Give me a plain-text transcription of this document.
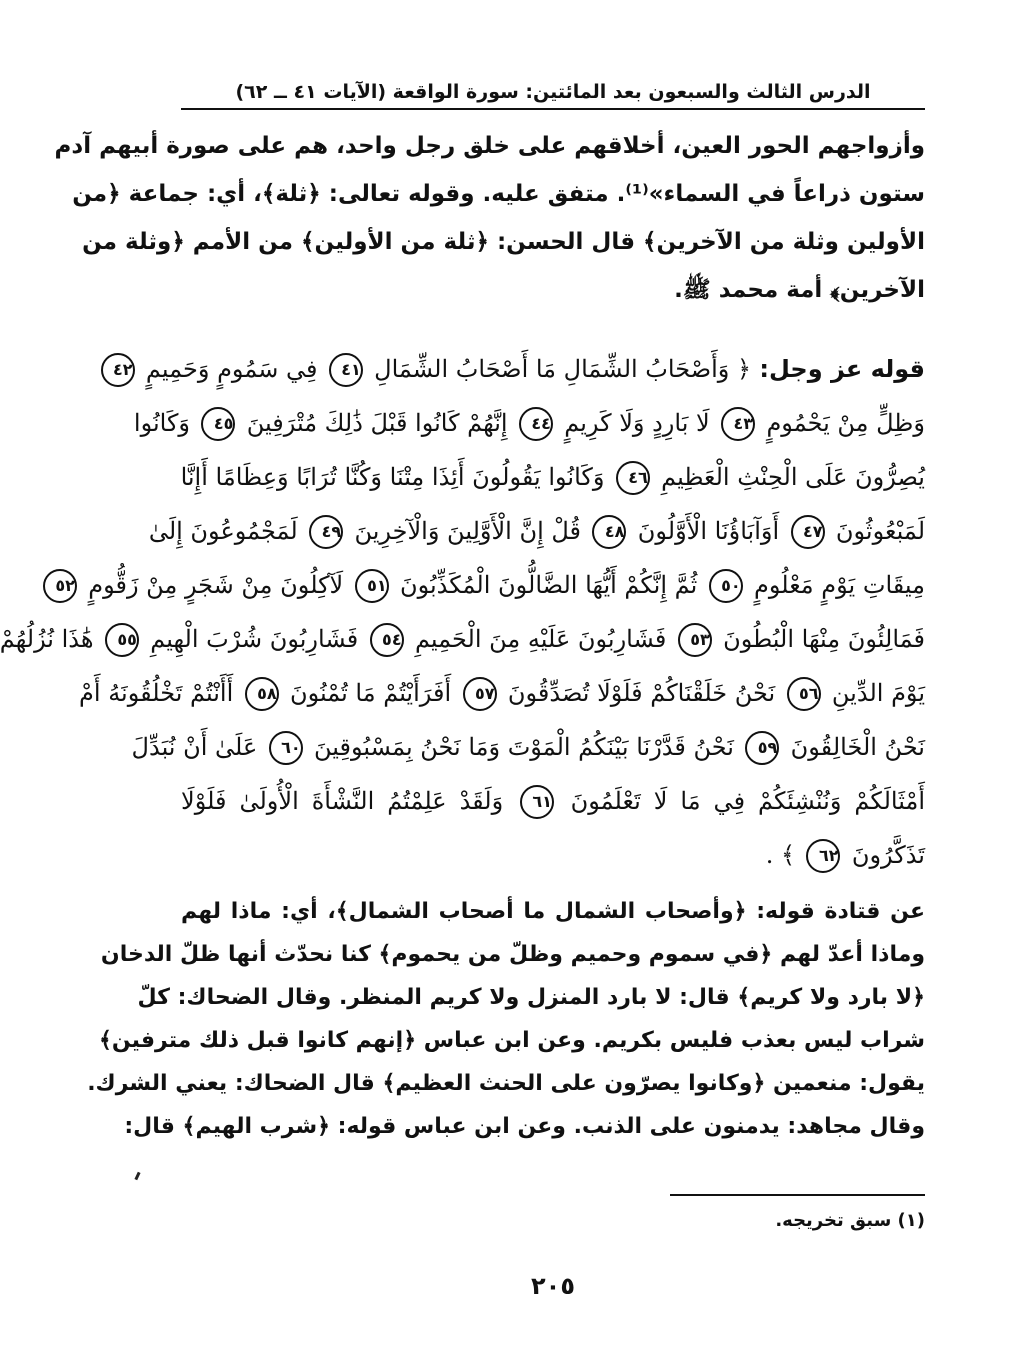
الدرس الثالث والسبعون بعد المائتين: سورة الواقعة (الآيات ٤١ ــ ٦٢)
وأزواجهم الحور العين، أخلاقهم على خلق رجل واحد، هم على صورة أبيهم آدم
ستون ذراعاً في السماء»⁽¹⁾. متفق عليه. وقوله تعالى: ﴿ثلة﴾، أي: جماعة ﴿من
الأولين وثلة من الآخرين﴾ قال الحسن: ﴿ثلة من الأولين﴾ من الأمم ﴿وثلة من
الآخرين﴾ أمة محمد ﷺ.
قوله عز وجل: ﴿ وَأَصْحَابُ الشِّمَالِ مَا أَصْحَابُ الشِّمَالِ ٤١ فِي سَمُومٍ وَحَمِيمٍ ٤٢
وَظِلٍّ مِنْ يَحْمُومٍ ٤٣ لَا بَارِدٍ وَلَا كَرِيمٍ ٤٤ إِنَّهُمْ كَانُوا قَبْلَ ذَٰلِكَ مُتْرَفِينَ ٤٥ وَكَانُوا
يُصِرُّونَ عَلَى الْحِنْثِ الْعَظِيمِ ٤٦ وَكَانُوا يَقُولُونَ أَئِذَا مِتْنَا وَكُنَّا تُرَابًا وَعِظَامًا أَإِنَّا
لَمَبْعُوثُونَ ٤٧ أَوَآبَاؤُنَا الْأَوَّلُونَ ٤٨ قُلْ إِنَّ الْأَوَّلِينَ وَالْآخِرِينَ ٤٩ لَمَجْمُوعُونَ إِلَىٰ
مِيقَاتِ يَوْمٍ مَعْلُومٍ ٥٠ ثُمَّ إِنَّكُمْ أَيُّهَا الضَّالُّونَ الْمُكَذِّبُونَ ٥١ لَآكِلُونَ مِنْ شَجَرٍ مِنْ زَقُّومٍ ٥٢
فَمَالِئُونَ مِنْهَا الْبُطُونَ ٥٣ فَشَارِبُونَ عَلَيْهِ مِنَ الْحَمِيمِ ٥٤ فَشَارِبُونَ شُرْبَ الْهِيمِ ٥٥ هَٰذَا نُزُلُهُمْ
يَوْمَ الدِّينِ ٥٦ نَحْنُ خَلَقْنَاكُمْ فَلَوْلَا تُصَدِّقُونَ ٥٧ أَفَرَأَيْتُمْ مَا تُمْنُونَ ٥٨ أَأَنْتُمْ تَخْلُقُونَهُ أَمْ
نَحْنُ الْخَالِقُونَ ٥٩ نَحْنُ قَدَّرْنَا بَيْنَكُمُ الْمَوْتَ وَمَا نَحْنُ بِمَسْبُوقِينَ ٦٠ عَلَىٰ أَنْ نُبَدِّلَ
أَمْثَالَكُمْ وَنُنْشِئَكُمْ فِي مَا لَا تَعْلَمُونَ ٦١ وَلَقَدْ عَلِمْتُمُ النَّشْأَةَ الْأُولَىٰ فَلَوْلَا
تَذَكَّرُونَ ٦٢ ﴾ .
عن قتادة قوله: ﴿وأصحاب الشمال ما أصحاب الشمال﴾، أي: ماذا لهم
وماذا أعدّ لهم ﴿في سموم وحميم وظلّ من يحموم﴾ كنا نحدّث أنها ظلّ الدخان
﴿لا بارد ولا كريم﴾ قال: لا بارد المنزل ولا كريم المنظر. وقال الضحاك: كلّ
شراب ليس بعذب فليس بكريم. وعن ابن عباس ﴿إنهم كانوا قبل ذلك مترفين﴾
يقول: منعمين ﴿وكانوا يصرّون على الحنث العظيم﴾ قال الضحاك: يعني الشرك.
وقال مجاهد: يدمنون على الذنب. وعن ابن عباس قوله: ﴿شرب الهيم﴾ قال:
(١) سبق تخريجه.
٢٠٥
